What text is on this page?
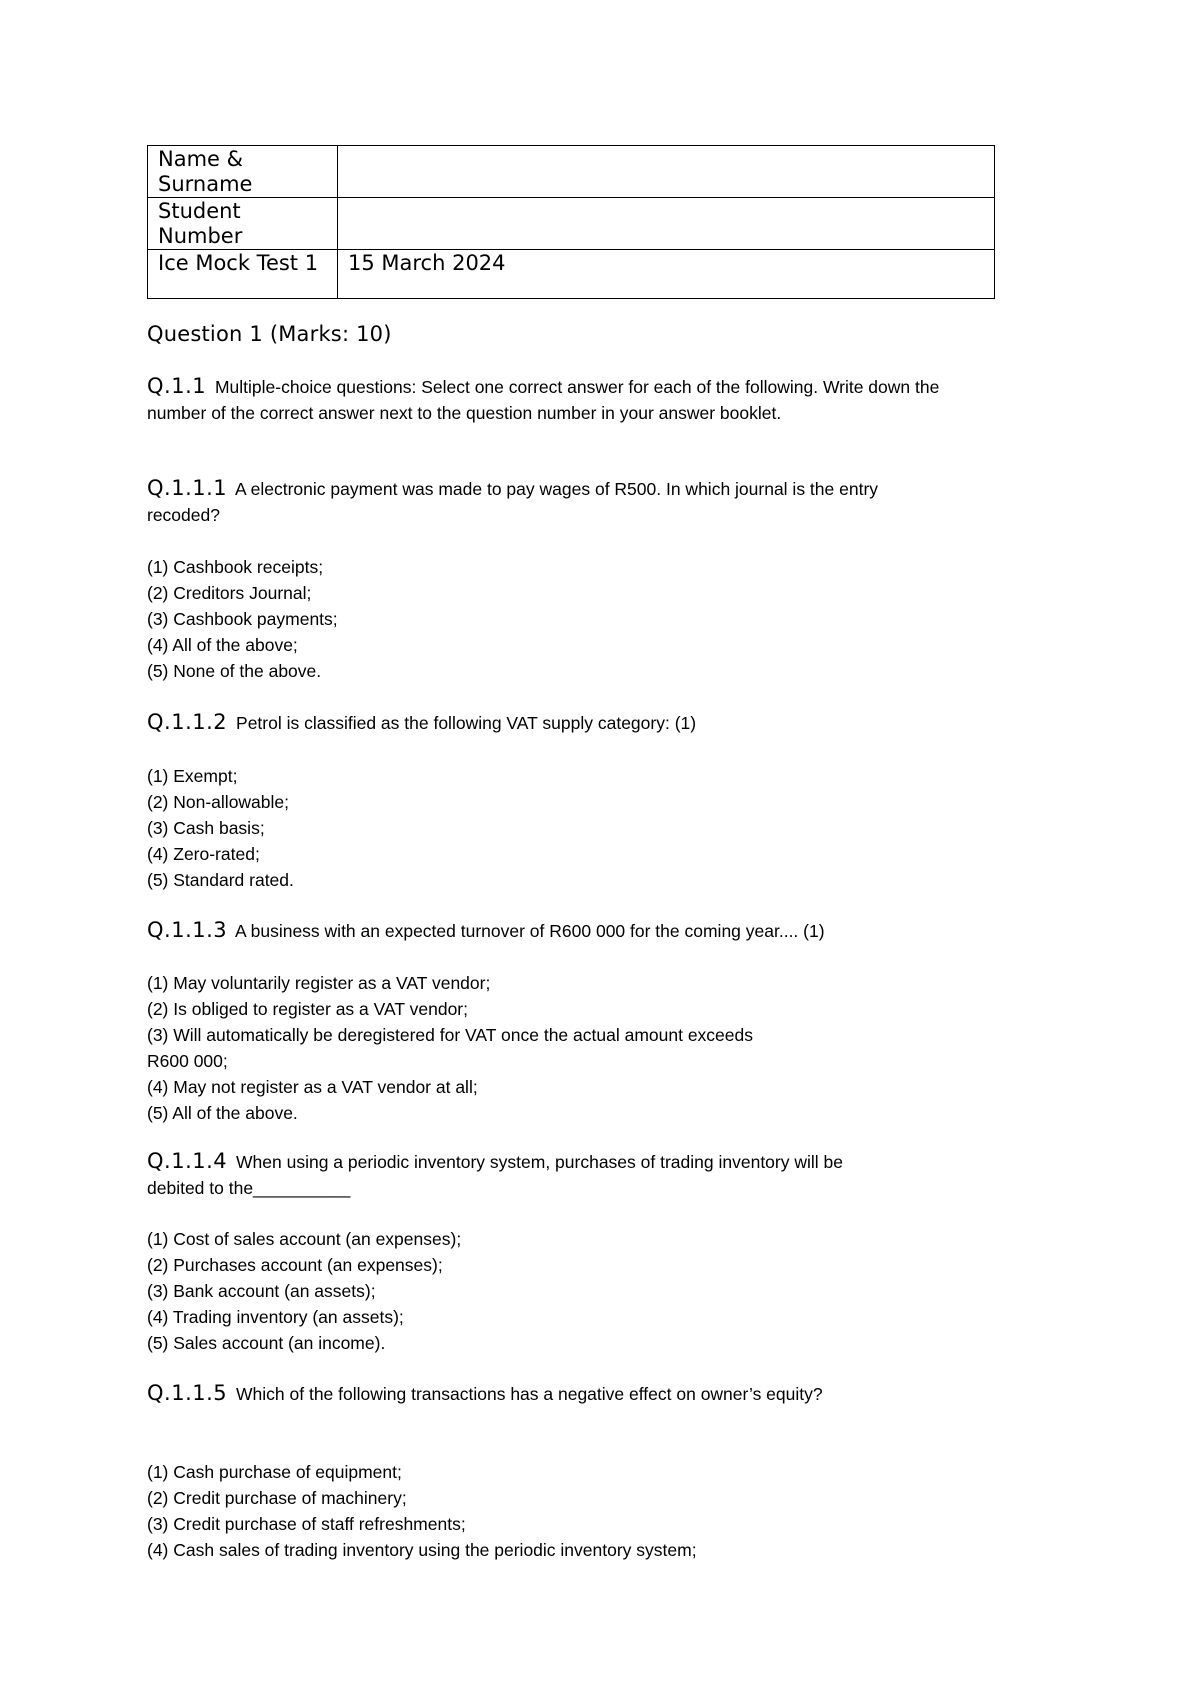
Name & Surname	
Student Number	
Ice Mock Test 1	15 March 2024
Question 1 (Marks: 10)

Q.1.1 Multiple-choice questions: Select one correct answer for each of the following. Write down the number of the correct answer next to the question number in your answer booklet.

Q.1.1.1 A electronic payment was made to pay wages of R500. In which journal is the entry recoded?

(1) Cashbook receipts;
(2) Creditors Journal;
(3) Cashbook payments;
(4) All of the above;
(5) None of the above.

Q.1.1.2 Petrol is classified as the following VAT supply category: (1)

(1) Exempt;
(2) Non-allowable;
(3) Cash basis;
(4) Zero-rated;
(5) Standard rated.

Q.1.1.3 A business with an expected turnover of R600 000 for the coming year.... (1)

(1) May voluntarily register as a VAT vendor;
(2) Is obliged to register as a VAT vendor;
(3) Will automatically be deregistered for VAT once the actual amount exceeds R600 000;
(4) May not register as a VAT vendor at all;
(5) All of the above.

Q.1.1.4 When using a periodic inventory system, purchases of trading inventory will be debited to the__________

(1) Cost of sales account (an expenses);
(2) Purchases account (an expenses);
(3) Bank account (an assets);
(4) Trading inventory (an assets);
(5) Sales account (an income).

Q.1.1.5 Which of the following transactions has a negative effect on owner’s equity?

(1) Cash purchase of equipment;
(2) Credit purchase of machinery;
(3) Credit purchase of staff refreshments;
(4) Cash sales of trading inventory using the periodic inventory system;
